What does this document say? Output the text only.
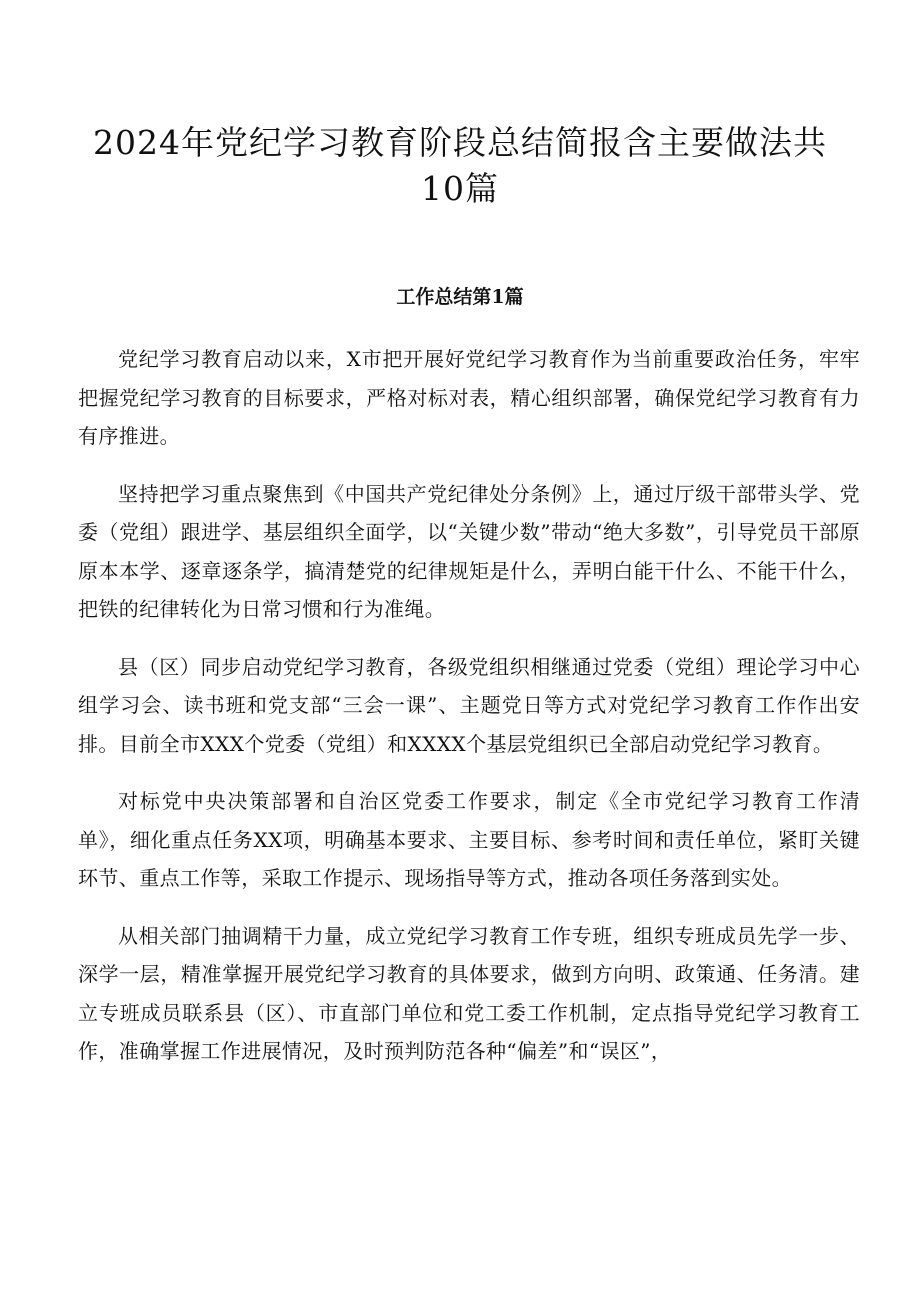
2024年党纪学习教育阶段总结简报含主要做法共10篇
工作总结第1篇

党纪学习教育启动以来，X市把开展好党纪学习教育作为当前重要政治任务，牢牢把握党纪学习教育的目标要求，严格对标对表，精心组织部署，确保党纪学习教育有力有序推进。

坚持把学习重点聚焦到《中国共产党纪律处分条例》上，通过厅级干部带头学、党委（党组）跟进学、基层组织全面学，以“关键少数”带动“绝大多数”，引导党员干部原原本本学、逐章逐条学，搞清楚党的纪律规矩是什么，弄明白能干什么、不能干什么，把铁的纪律转化为日常习惯和行为准绳。

县（区）同步启动党纪学习教育，各级党组织相继通过党委（党组）理论学习中心组学习会、读书班和党支部“三会一课”、主题党日等方式对党纪学习教育工作作出安排。目前全市XXX个党委（党组）和XXXX个基层党组织已全部启动党纪学习教育。

对标党中央决策部署和自治区党委工作要求，制定《全市党纪学习教育工作清单》，细化重点任务XX项，明确基本要求、主要目标、参考时间和责任单位，紧盯关键环节、重点工作等，采取工作提示、现场指导等方式，推动各项任务落到实处。

从相关部门抽调精干力量，成立党纪学习教育工作专班，组织专班成员先学一步、深学一层，精准掌握开展党纪学习教育的具体要求，做到方向明、政策通、任务清。建立专班成员联系县（区）、市直部门单位和党工委工作机制，定点指导党纪学习教育工作，准确掌握工作进展情况，及时预判防范各种“偏差”和“误区”，
